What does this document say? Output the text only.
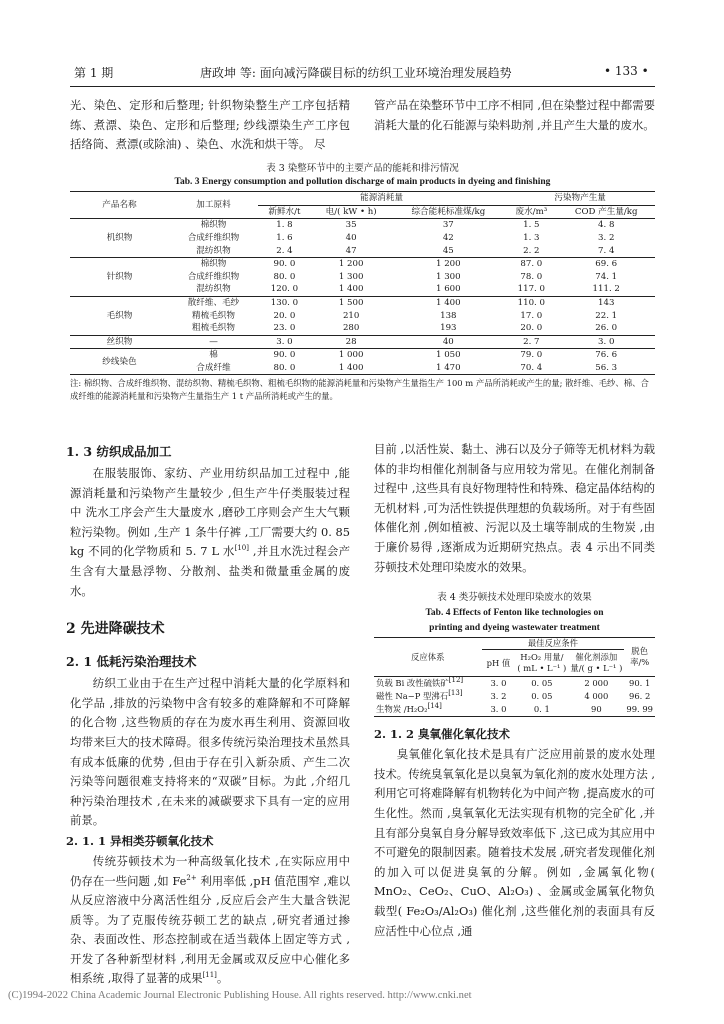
第 1 期	唐政坤 等: 面向减污降碳目标的纺织工业环境治理发展趋势	• 133 •

光、染色、定形和后整理; 针织物染整生产工序包括精练、煮漂、染色、定形和后整理; 纱线漂染生产工序包括络筒、煮漂(或除油) 、染色、水洗和烘干等。 尽

管产品在染整环节中工序不相同 ,但在染整过程中都需要消耗大量的化石能源与染料助剂 ,并且产生大量的废水。

表 3 染整环节中的主要产品的能耗和排污情况
Tab. 3 Energy consumption and pollution discharge of main products in dyeing and finishing
产品名称	加工原料	能源消耗量			污染物产生量	
		新鲜水/t	电/( kW • h)	综合能耗标准煤/kg	废水/m³	COD 产生量/kg
机织物	棉织物	1. 8	35	37	1. 5	4. 8
	合成纤维织物	1. 6	40	42	1. 3	3. 2
	混纺织物	2. 4	47	45	2. 2	7. 4
针织物	棉织物	90. 0	1 200	1 200	87. 0	69. 6
	合成纤维织物	80. 0	1 300	1 300	78. 0	74. 1
	混纺织物	120. 0	1 400	1 600	117. 0	111. 2
毛织物	散纤维、毛纱	130. 0	1 500	1 400	110. 0	143
	精梳毛织物	20. 0	210	138	17. 0	22. 1
	粗梳毛织物	23. 0	280	193	20. 0	26. 0
丝织物	—	3. 0	28	40	2. 7	3. 0
纱线染色	棉	90. 0	1 000	1 050	79. 0	76. 6
	合成纤维	80. 0	1 400	1 470	70. 4	56. 3
注: 棉织物、合成纤维织物、混纺织物、精梳毛织物、粗梳毛织物的能源消耗量和污染物产生量指生产 100 m 产品所消耗或产生的量; 散纤维、毛纱、棉、合成纤维的能源消耗量和污染物产生量指生产 1 t 产品所消耗或产生的量。
1. 3 纺织成品加工

在服装服饰、家纺、产业用纺织品加工过程中 ,能源消耗量和污染物产生量较少 ,但生产牛仔类服装过程中 洗水工序会产生大量废水 ,磨砂工序则会产生大气颗粒污染物。例如 ,生产 1 条牛仔裤 ,工厂需要大约 0. 85 kg 不同的化学物质和 5. 7 L 水[10] ,并且水洗过程会产生含有大量悬浮物、分散剂、盐类和微量重金属的废水。

2 先进降碳技术
2. 1 低耗污染治理技术

纺织工业由于在生产过程中消耗大量的化学原料和化学品 ,排放的污染物中含有较多的难降解和不可降解的化合物 ,这些物质的存在为废水再生利用、资源回收均带来巨大的技术障碍。很多传统污染治理技术虽然具有成本低廉的优势 ,但由于存在引入新杂质、产生二次污染等问题很难支持将来的“双碳”目标。为此 ,介绍几种污染治理技术 ,在未来的减碳要求下具有一定的应用前景。

2. 1. 1 异相类芬顿氧化技术

传统芬顿技术为一种高级氧化技术 ,在实际应用中仍存在一些问题 ,如 $Fe^{2+}$ 利用率低 ,pH 值范围窄 ,难以从反应溶液中分离活性组分 ,反应后会产生大量含铁泥质等。为了克服传统芬顿工艺的缺点 ,研究者通过掺杂、表面改性、形态控制或在适当载体上固定等方式 ,开发了各种新型材料 ,利用无金属或双反应中心催化多相系统 ,取得了显著的成果[11]。

目前 ,以活性炭、黏土、沸石以及分子筛等无机材料为载体的非均相催化剂制备与应用较为常见。在催化剂制备过程中 ,这些具有良好物理特性和特殊、稳定晶体结构的无机材料 ,可为活性铁提供理想的负载场所。对于有些固体催化剂 ,例如植被、污泥以及土壤等制成的生物炭 ,由于廉价易得 ,逐渐成为近期研究热点。表 4 示出不同类芬顿技术处理印染废水的效果。

表 4 类芬顿技术处理印染废水的效果
Tab. 4 Effects of Fenton like technologies on
printing and dyeing wastewater treatment
反应体系	最佳反应条件			脱色
率/%
	pH 值	H₂O₂ 用量/
( mL • L⁻¹ )	催化剂添加
量/( g • L⁻¹ )	
负载 Bi 改性硫铁矿[12]	3. 0	0. 05	2 000	90. 1
磁性 Na−P 型沸石[13]	3. 2	0. 05	4 000	96. 2
生物炭 /H₂O₂[14]	3. 0	0. 1	90	99. 99
2. 1. 2 臭氧催化氧化技术

臭氧催化氧化技术是具有广泛应用前景的废水处理技术。传统臭氧氧化是以臭氧为氧化剂的废水处理方法 ,利用它可将难降解有机物转化为中间产物 ,提高废水的可生化性。然而 ,臭氧氧化无法实现有机物的完全矿化 ,并且有部分臭氧自身分解导致效率低下 ,这已成为其应用中不可避免的限制因素。随着技术发展 ,研究者发现催化剂的加入可以促进臭氧的分解。例如 ,金属氧化物( MnO₂、CeO₂、CuO、Al₂O₃) 、金属或金属氧化物负载型( Fe₂O₃/Al₂O₃) 催化剂 ,这些催化剂的表面具有反应活性中心位点 ,通

(C)1994-2022 China Academic Journal Electronic Publishing House. All rights reserved. http://www.cnki.net
